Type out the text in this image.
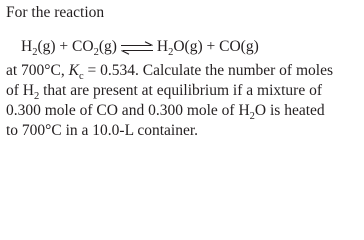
For the reaction
$H_2(g) + CO_2(g)$ ⇌ $H_2O(g) + CO(g)$
at 700°C, $K_c = 0.534$. Calculate the number of moles
of $H_2$ that are present at equilibrium if a mixture of
0.300 mole of CO and 0.300 mole of $H_2O$ is heated
to 700°C in a 10.0-L container.
